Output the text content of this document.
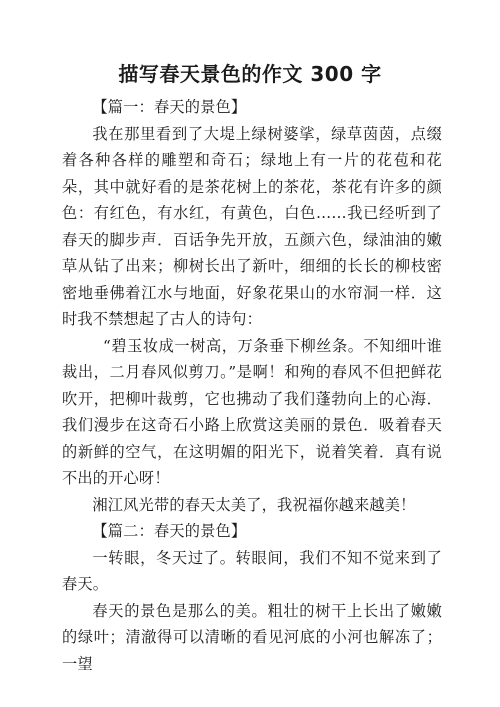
描写春天景色的作文 300 字

【篇一：春天的景色】

我在那里看到了大堤上绿树婆挲，绿草茵茵，点缀着各种各样的雕塑和奇石；绿地上有一片的花苞和花朵，其中就好看的是茶花树上的茶花，茶花有许多的颜色：有红色，有水红，有黄色，白色……我已经听到了春天的脚步声．百话争先开放，五颜六色，绿油油的嫩草从钻了出来；柳树长出了新叶，细细的长长的柳枝密密地垂佛着江水与地面，好象花果山的水帘洞一样．这时我不禁想起了古人的诗句：

“碧玉妆成一树高，万条垂下柳丝条。不知细叶谁裁出，二月春风似剪刀。”是啊！和殉的春风不但把鲜花吹开，把柳叶裁剪，它也拂动了我们蓬勃向上的心海．我们漫步在这奇石小路上欣赏这美丽的景色．吸着春天的新鲜的空气，在这明媚的阳光下，说着笑着．真有说不出的开心呀！

湘江风光带的春天太美了，我祝福你越来越美！

【篇二：春天的景色】

一转眼，冬天过了。转眼间，我们不知不觉来到了春天。

春天的景色是那么的美。粗壮的树干上长出了嫩嫩的绿叶；清澈得可以清晰的看见河底的小河也解冻了；一望
